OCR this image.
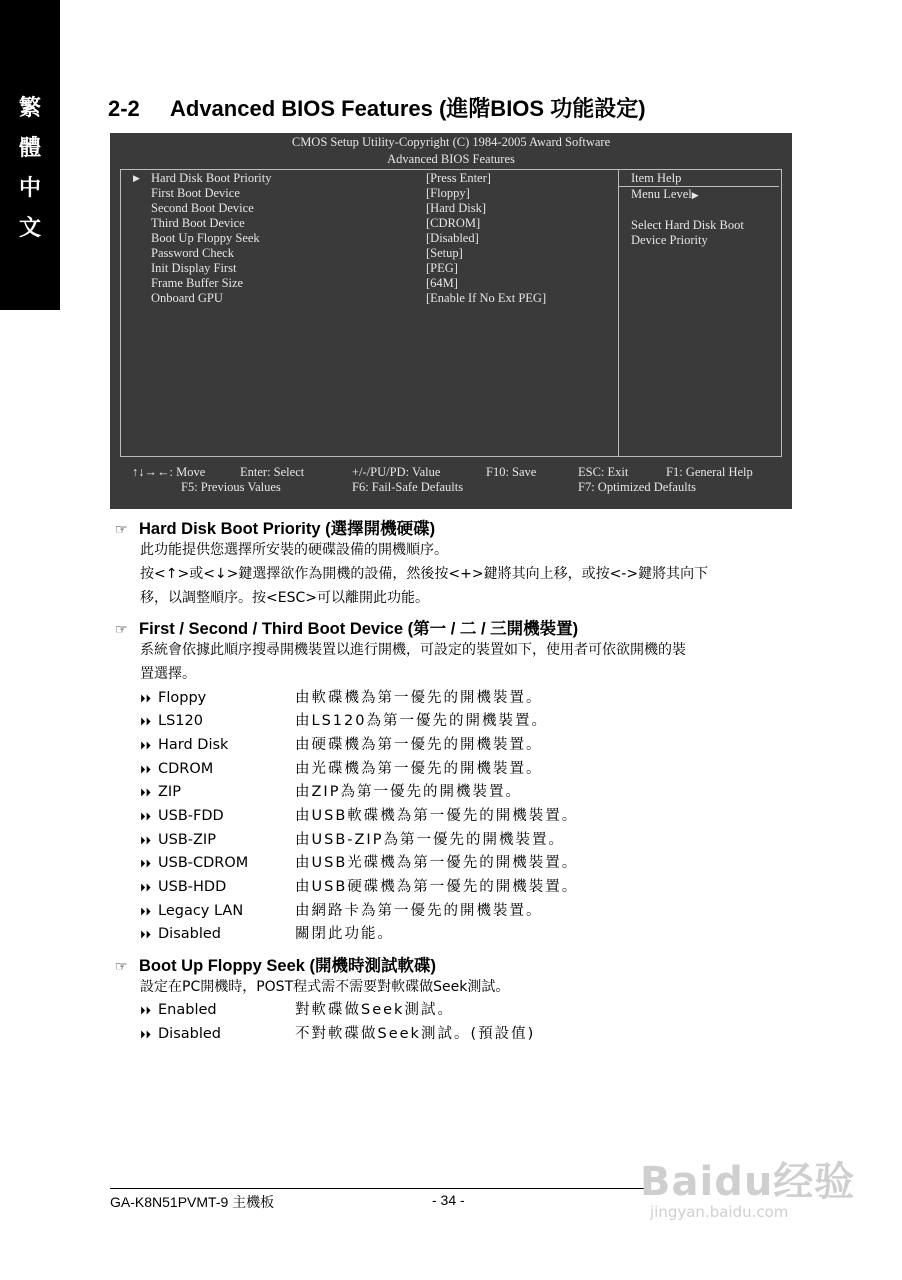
繁
體
中
文
2-2 Advanced BIOS Features (進階BIOS 功能設定)
CMOS Setup Utility-Copyright (C) 1984-2005 Award Software
Advanced BIOS Features
▶ Hard Disk Boot Priority	[Press Enter]
First Boot Device	[Floppy]
Second Boot Device	[Hard Disk]
Third Boot Device	[CDROM]
Boot Up Floppy Seek	[Disabled]
Password Check	[Setup]
Init Display First	[PEG]
Frame Buffer Size	[64M]
Onboard GPU	[Enable If No Ext PEG]
Item Help
Menu Level▶
Select Hard Disk Boot
Device Priority
↑↓→←: Move	Enter: Select	+/-/PU/PD: Value	F10: Save	ESC: Exit	F1: General Help
F5: Previous Values	F6: Fail-Safe Defaults	F7: Optimized Defaults
☞ Hard Disk Boot Priority (選擇開機硬碟)
此功能提供您選擇所安裝的硬碟設備的開機順序。
按<↑>或<↓>鍵選擇欲作為開機的設備，然後按<+>鍵將其向上移，或按<->鍵將其向下
移，以調整順序。按<ESC>可以離開此功能。
☞ First / Second / Third Boot Device (第一 / 二 / 三開機裝置)
系統會依據此順序搜尋開機裝置以進行開機，可設定的裝置如下，使用者可依欲開機的裝
置選擇。
⏵⏵ Floppy	由軟碟機為第一優先的開機裝置。
⏵⏵ LS120	由LS120為第一優先的開機裝置。
⏵⏵ Hard Disk	由硬碟機為第一優先的開機裝置。
⏵⏵ CDROM	由光碟機為第一優先的開機裝置。
⏵⏵ ZIP	由ZIP為第一優先的開機裝置。
⏵⏵ USB-FDD	由USB軟碟機為第一優先的開機裝置。
⏵⏵ USB-ZIP	由USB-ZIP為第一優先的開機裝置。
⏵⏵ USB-CDROM	由USB光碟機為第一優先的開機裝置。
⏵⏵ USB-HDD	由USB硬碟機為第一優先的開機裝置。
⏵⏵ Legacy LAN	由網路卡為第一優先的開機裝置。
⏵⏵ Disabled	關閉此功能。
☞ Boot Up Floppy Seek (開機時測試軟碟)
設定在PC開機時，POST程式需不需要對軟碟做Seek測試。
⏵⏵ Enabled	對軟碟做Seek測試。
⏵⏵ Disabled	不對軟碟做Seek測試。(預設值)
GA-K8N51PVMT-9 主機板	- 34 -	Baidu经验
jingyan.baidu.com
